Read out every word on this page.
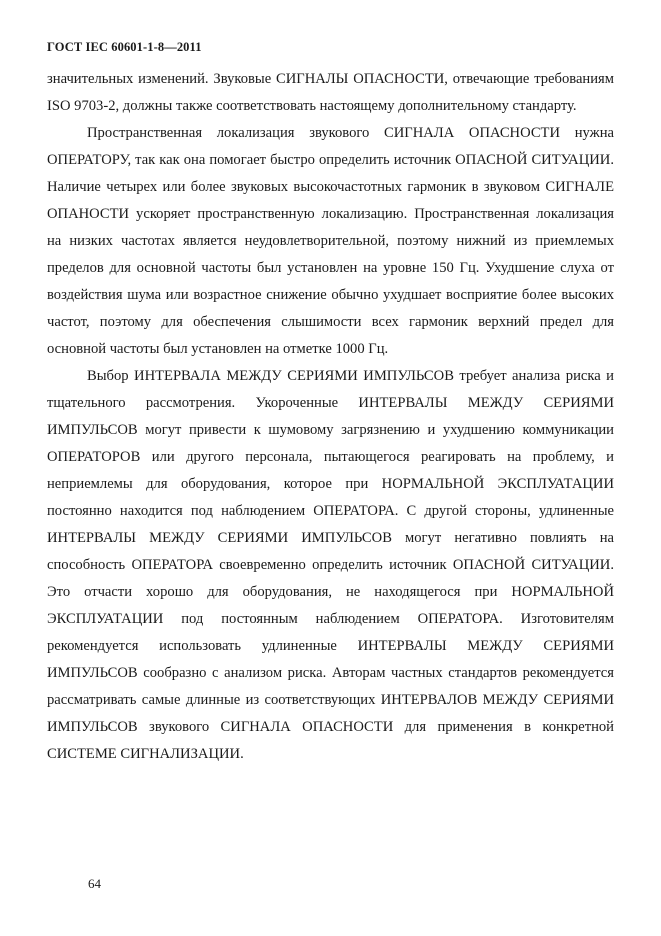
ГОСТ IEC 60601-1-8—2011

значительных изменений. Звуковые СИГНАЛЫ ОПАСНОСТИ, отвечающие требованиям ISO 9703-2, должны также соответствовать настоящему дополнительному стандарту.

Пространственная локализация звукового СИГНАЛА ОПАСНОСТИ нужна ОПЕРАТОРУ, так как она помогает быстро определить источник ОПАСНОЙ СИТУАЦИИ. Наличие четырех или более звуковых высокочастотных гармоник в звуковом СИГНАЛЕ ОПАНОСТИ ускоряет пространственную локализацию. Пространственная локализация на низких частотах является неудовлетворительной, поэтому нижний из приемлемых пределов для основной частоты был установлен на уровне 150 Гц. Ухудшение слуха от воздействия шума или возрастное снижение обычно ухудшает восприятие более высоких частот, поэтому для обеспечения слышимости всех гармоник верхний предел для основной частоты был установлен на отметке 1000 Гц.

Выбор ИНТЕРВАЛА МЕЖДУ СЕРИЯМИ ИМПУЛЬСОВ требует анализа риска и тщательного рассмотрения. Укороченные ИНТЕРВАЛЫ МЕЖДУ СЕРИЯМИ ИМПУЛЬСОВ могут привести к шумовому загрязнению и ухудшению коммуникации ОПЕРАТОРОВ или другого персонала, пытающегося реагировать на проблему, и неприемлемы для оборудования, которое при НОРМАЛЬНОЙ ЭКСПЛУАТАЦИИ постоянно находится под наблюдением ОПЕРАТОРА. С другой стороны, удлиненные ИНТЕРВАЛЫ МЕЖДУ СЕРИЯМИ ИМПУЛЬСОВ могут негативно повлиять на способность ОПЕРАТОРА своевременно определить источник ОПАСНОЙ СИТУАЦИИ. Это отчасти хорошо для оборудования, не находящегося при НОРМАЛЬНОЙ ЭКСПЛУАТАЦИИ под постоянным наблюдением ОПЕРАТОРА. Изготовителям рекомендуется использовать удлиненные ИНТЕРВАЛЫ МЕЖДУ СЕРИЯМИ ИМПУЛЬСОВ сообразно с анализом риска. Авторам частных стандартов рекомендуется рассматривать самые длинные из соответствующих ИНТЕРВАЛОВ МЕЖДУ СЕРИЯМИ ИМПУЛЬСОВ звукового СИГНАЛА ОПАСНОСТИ для применения в конкретной СИСТЕМЕ СИГНАЛИЗАЦИИ.

64
